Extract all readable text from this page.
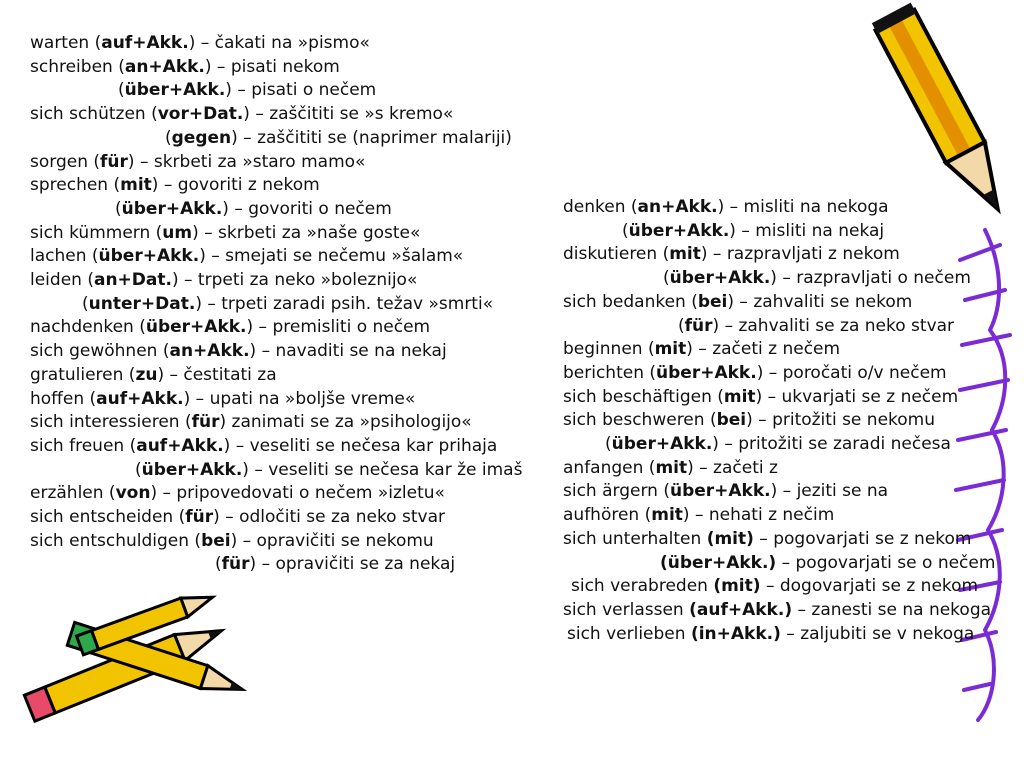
warten (auf+Akk.) – čakati na »pismo«
schreiben (an+Akk.) – pisati nekom
(über+Akk.) – pisati o nečem
sich schützen (vor+Dat.) – zaščititi se »s kremo«
(gegen) – zaščititi se (naprimer malariji)
sorgen (für) – skrbeti za »staro mamo«
sprechen (mit) – govoriti z nekom
(über+Akk.) – govoriti o nečem
sich kümmern (um) – skrbeti za »naše goste«
lachen (über+Akk.) – smejati se nečemu »šalam«
leiden (an+Dat.) – trpeti za neko »boleznijo«
(unter+Dat.) – trpeti zaradi psih. težav »smrti«
nachdenken (über+Akk.) – premisliti o nečem
sich gewöhnen (an+Akk.) – navaditi se na nekaj
gratulieren (zu) – čestitati za
hoffen (auf+Akk.) – upati na »boljše vreme«
sich interessieren (für) zanimati se za »psihologijo«
sich freuen (auf+Akk.) – veseliti se nečesa kar prihaja
(über+Akk.) – veseliti se nečesa kar že imaš
erzählen (von) – pripovedovati o nečem »izletu«
sich entscheiden (für) – odločiti se za neko stvar
sich entschuldigen (bei) – opravičiti se nekomu
(für) – opravičiti se za nekaj
denken (an+Akk.) – misliti na nekoga
(über+Akk.) – misliti na nekaj
diskutieren (mit) – razpravljati z nekom
(über+Akk.) – razpravljati o nečem
sich bedanken (bei) – zahvaliti se nekom
(für) – zahvaliti se za neko stvar
beginnen (mit) – začeti z nečem
berichten (über+Akk.) – poročati o/v nečem
sich beschäftigen (mit) – ukvarjati se z nečem
sich beschweren (bei) – pritožiti se nekomu
(über+Akk.) – pritožiti se zaradi nečesa
anfangen (mit) – začeti z
sich ärgern (über+Akk.) – jeziti se na
aufhören (mit) – nehati z nečim
sich unterhalten (mit) – pogovarjati se z nekom
(über+Akk.) – pogovarjati se o nečem
sich verabreden (mit) – dogovarjati se z nekom
sich verlassen (auf+Akk.) – zanesti se na nekoga
sich verlieben (in+Akk.) – zaljubiti se v nekoga
